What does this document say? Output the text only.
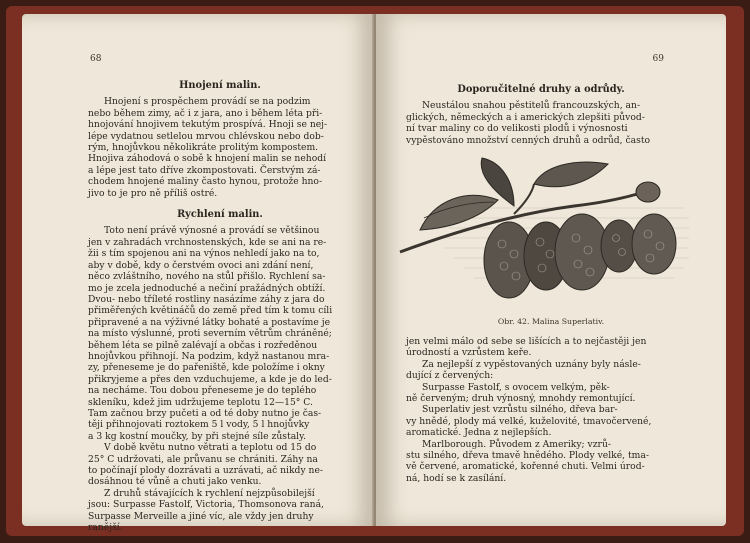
68
Hnojení malin.
Hnojení s prospěchem provádí se na podzim
nebo během zimy, ač i z jara, ano i během léta při-
hnojování hnojivem tekutým prospívá. Hnoji se nej-
lépe vydatnou setlelou mrvou chlévskou nebo dob-
rým, hnojůvkou několikráte prolitým kompostem.
Hnojiva záhodová o sobě k hnojení malin se nehodí
a lépe jest tato dříve zkompostovati. Čerstvým zá-
chodem hnojené maliny často hynou, protože hno-
jivo to je pro ně příliš ostré.
Rychlení malin.
Toto není právě výnosné a provádí se většinou
jen v zahradách vrchnostenských, kde se ani na re-
žii s tím spojenou ani na výnos nehledí jako na to,
aby v době, kdy o čerstvém ovoci ani zdání není,
něco zvláštního, nového na stůl přišlo. Rychlení sa-
mo je zcela jednoduché a nečiní pražádných obtíží.
Dvou- nebo tříleté rostliny nasázíme záhy z jara do
přiměřených květináčů do země před tím k tomu cíli
připravené a na výživné látky bohaté a postavíme je
na místo výslunné, proti severním větrům chráněné;
během léta se pilně zalévají a občas i rozředěnou
hnojůvkou přihnojí. Na podzim, když nastanou mra-
zy, přeneseme je do pařeniště, kde položíme i okny
přikryjeme a přes den vzduchujeme, a kde je do led-
na necháme. Tou dobou přeneseme je do teplého
skleníku, kdež jim udržujeme teplotu 12—15° C.
Tam začnou brzy pučeti a od té doby nutno je čas-
těji přihnojovati roztokem 5 l vody, 5 l hnojůvky
a 3 kg kostní moučky, by při stejné síle zůstaly.
V době květu nutno větrati a teplotu od 15 do
25° C udržovati, ale průvanu se chrániti. Záhy na
to počínají plody dozrávati a uzrávati, ač nikdy ne-
dosáhnou té vůně a chuti jako venku.
Z druhů stávajících k rychlení nejzpůsobilejší
jsou: Surpasse Fastolf, Victoria, Thomsonova raná,
Surpasse Merveille a jiné víc, ale vždy jen druhy
ranější.
69
Doporučitelné druhy a odrůdy.
Neustálou snahou pěstitelů francouzských, an-
glických, německých a i amerických zlepšiti původ-
ní tvar maliny co do velikosti plodů i výnosnosti
vypěstováno množství cenných druhů a odrůd, často
Obr. 42. Malina Superlativ.
jen velmi málo od sebe se lišících a to nejčastěji jen
úrodností a vzrůstem keře.
Za nejlepší z vypěstovaných uznány byly násle-
dující z červených:
Surpasse Fastolf, s ovocem velkým, pěk-
ně červeným; druh výnosný, mnohdy remontující.
Superlativ jest vzrůstu silného, dřeva bar-
vy hnědé, plody má velké, kuželovité, tmavočervené,
aromatické. Jedna z nejlepších.
Marlborough. Původem z Ameriky; vzrů-
stu silného, dřeva tmavě hnědého. Plody velké, tma-
vě červené, aromatické, kořenné chuti. Velmi úrod-
ná, hodí se k zasílání.
